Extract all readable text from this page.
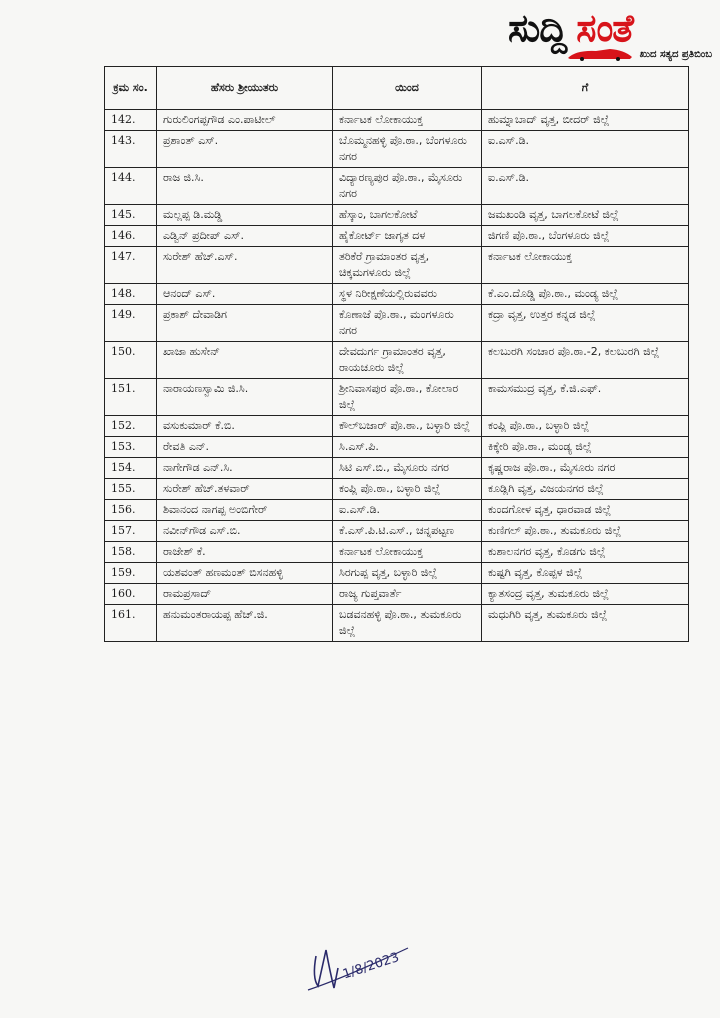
ಸುದ್ದಿ ಸಂತೆ
ಖುದ ಸತ್ಯದ ಪ್ರತಿಬಿಂಬ
ಕ್ರಮ ಸಂ.	ಹೆಸರು ಶ್ರೀಯುತರು	ಯಿಂದ	ಗೆ
142.	ಗುರುಲಿಂಗಪ್ಪಗೌಡ ಎಂ.ಪಾಟೀಲ್	ಕರ್ನಾಟಕ ಲೋಕಾಯುಕ್ತ	ಹುಮ್ನಾಬಾದ್ ವೃತ್ತ, ಬೀದರ್ ಜಿಲ್ಲೆ
143.	ಪ್ರಶಾಂತ್ ಎಸ್.	ಬೊಮ್ಮನಹಳ್ಳಿ ಪೊ.ಠಾ., ಬೆಂಗಳೂರು ನಗರ	ಐ.ಎಸ್.ಡಿ.
144.	ರಾಜ ಜಿ.ಸಿ.	ವಿದ್ಯಾರಣ್ಯಪುರ ಪೊ.ಠಾ., ಮೈಸೂರು ನಗರ	ಐ.ಎಸ್.ಡಿ.
145.	ಮಲ್ಲಪ್ಪ ಡಿ.ಮಡ್ಡಿ	ಹೆಸ್ಕಾಂ, ಬಾಗಲಕೋಟೆ	ಜಮಖಂಡಿ ವೃತ್ತ, ಬಾಗಲಕೋಟೆ ಜಿಲ್ಲೆ
146.	ಎಡ್ವಿನ್ ಪ್ರದೀಪ್ ಎಸ್.	ಹೈಕೋರ್ಟ್ ಜಾಗೃತ ದಳ	ಜಿಗಣಿ ಪೊ.ಠಾ., ಬೆಂಗಳೂರು ಜಿಲ್ಲೆ
147.	ಸುರೇಶ್ ಹೆಚ್.ಎಸ್.	ತರಿಕೆರೆ ಗ್ರಾಮಾಂತರ ವೃತ್ತ, ಚಿಕ್ಕಮಗಳೂರು ಜಿಲ್ಲೆ	ಕರ್ನಾಟಕ ಲೋಕಾಯುಕ್ತ
148.	ಆನಂದ್ ಎಸ್.	ಸ್ಥಳ ನಿರೀಕ್ಷಣೆಯಲ್ಲಿರುವವರು	ಕೆ.ಎಂ.ದೊಡ್ಡಿ ಪೊ.ಠಾ., ಮಂಡ್ಯ ಜಿಲ್ಲೆ
149.	ಪ್ರಕಾಶ್ ದೇವಾಡಿಗ	ಕೊಣಾಜೆ ಪೊ.ಠಾ., ಮಂಗಳೂರು ನಗರ	ಕದ್ರಾ ವೃತ್ತ, ಉತ್ತರ ಕನ್ನಡ ಜಿಲ್ಲೆ
150.	ಖಾಜಾ ಹುಸೇನ್	ದೇವದುರ್ಗ ಗ್ರಾಮಾಂತರ ವೃತ್ತ, ರಾಯಚೂರು ಜಿಲ್ಲೆ	ಕಲಬುರಗಿ ಸಂಚಾರ ಪೊ.ಠಾ.-2, ಕಲಬುರಗಿ ಜಿಲ್ಲೆ
151.	ನಾರಾಯಣಸ್ವಾಮಿ ಜಿ.ಸಿ.	ಶ್ರೀನಿವಾಸಪುರ ಪೊ.ಠಾ., ಕೋಲಾರ ಜಿಲ್ಲೆ	ಕಾಮಸಮುದ್ರ ವೃತ್ತ, ಕೆ.ಜಿ.ಎಫ್.
152.	ವಸುಕುಮಾರ್ ಕೆ.ಬಿ.	ಕೌಲ್‌ಬಜಾರ್ ಪೊ.ಠಾ., ಬಳ್ಳಾರಿ ಜಿಲ್ಲೆ	ಕಂಪ್ಲಿ ಪೊ.ಠಾ., ಬಳ್ಳಾರಿ ಜಿಲ್ಲೆ
153.	ರೇವತಿ ಎನ್.	ಸಿ.ಎಸ್.ಪಿ.	ಕಿಕ್ಕೇರಿ ಪೊ.ಠಾ., ಮಂಡ್ಯ ಜಿಲ್ಲೆ
154.	ನಾಗೇಗೌಡ ಎನ್.ಸಿ.	ಸಿಟಿ ಎಸ್.ಬಿ., ಮೈಸೂರು ನಗರ	ಕೃಷ್ಣರಾಜ ಪೊ.ಠಾ., ಮೈಸೂರು ನಗರ
155.	ಸುರೇಶ್ ಹೆಚ್.ತಳವಾರ್	ಕಂಪ್ಲಿ ಪೊ.ಠಾ., ಬಳ್ಳಾರಿ ಜಿಲ್ಲೆ	ಕೂಡ್ಲಿಗಿ ವೃತ್ತ, ವಿಜಯನಗರ ಜಿಲ್ಲೆ
156.	ಶಿವಾನಂದ ನಾಗಪ್ಪ ಅಂಬಿಗೇರ್	ಐ.ಎಸ್.ಡಿ.	ಕುಂದಗೋಳ ವೃತ್ತ, ಧಾರವಾಡ ಜಿಲ್ಲೆ
157.	ನವೀನ್‌ಗೌಡ ಎಸ್.ಬಿ.	ಕೆ.ಎಸ್.ಪಿ.ಟಿ.ಎಸ್., ಚನ್ನಪಟ್ಟಣ	ಕುಣಿಗಲ್ ಪೊ.ಠಾ., ತುಮಕೂರು ಜಿಲ್ಲೆ
158.	ರಾಜೇಶ್ ಕೆ.	ಕರ್ನಾಟಕ ಲೋಕಾಯುಕ್ತ	ಕುಶಾಲನಗರ ವೃತ್ತ, ಕೊಡಗು ಜಿಲ್ಲೆ
159.	ಯಶವಂತ್ ಹಣಮಂತ್ ಬಿಸನಹಳ್ಳಿ	ಸಿರಗುಪ್ಪ ವೃತ್ತ, ಬಳ್ಳಾರಿ ಜಿಲ್ಲೆ	ಕುಷ್ಟಗಿ ವೃತ್ತ, ಕೊಪ್ಪಳ ಜಿಲ್ಲೆ
160.	ರಾಮಪ್ರಸಾದ್	ರಾಜ್ಯ ಗುಪ್ತವಾರ್ತೆ	ಕ್ಯಾತಸಂದ್ರ ವೃತ್ತ, ತುಮಕೂರು ಜಿಲ್ಲೆ
161.	ಹನುಮಂತರಾಯಪ್ಪ ಹೆಚ್.ಜಿ.	ಬಡವನಹಳ್ಳಿ ಪೊ.ಠಾ., ತುಮಕೂರು ಜಿಲ್ಲೆ	ಮಧುಗಿರಿ ವೃತ್ತ, ತುಮಕೂರು ಜಿಲ್ಲೆ
1/8/2023
